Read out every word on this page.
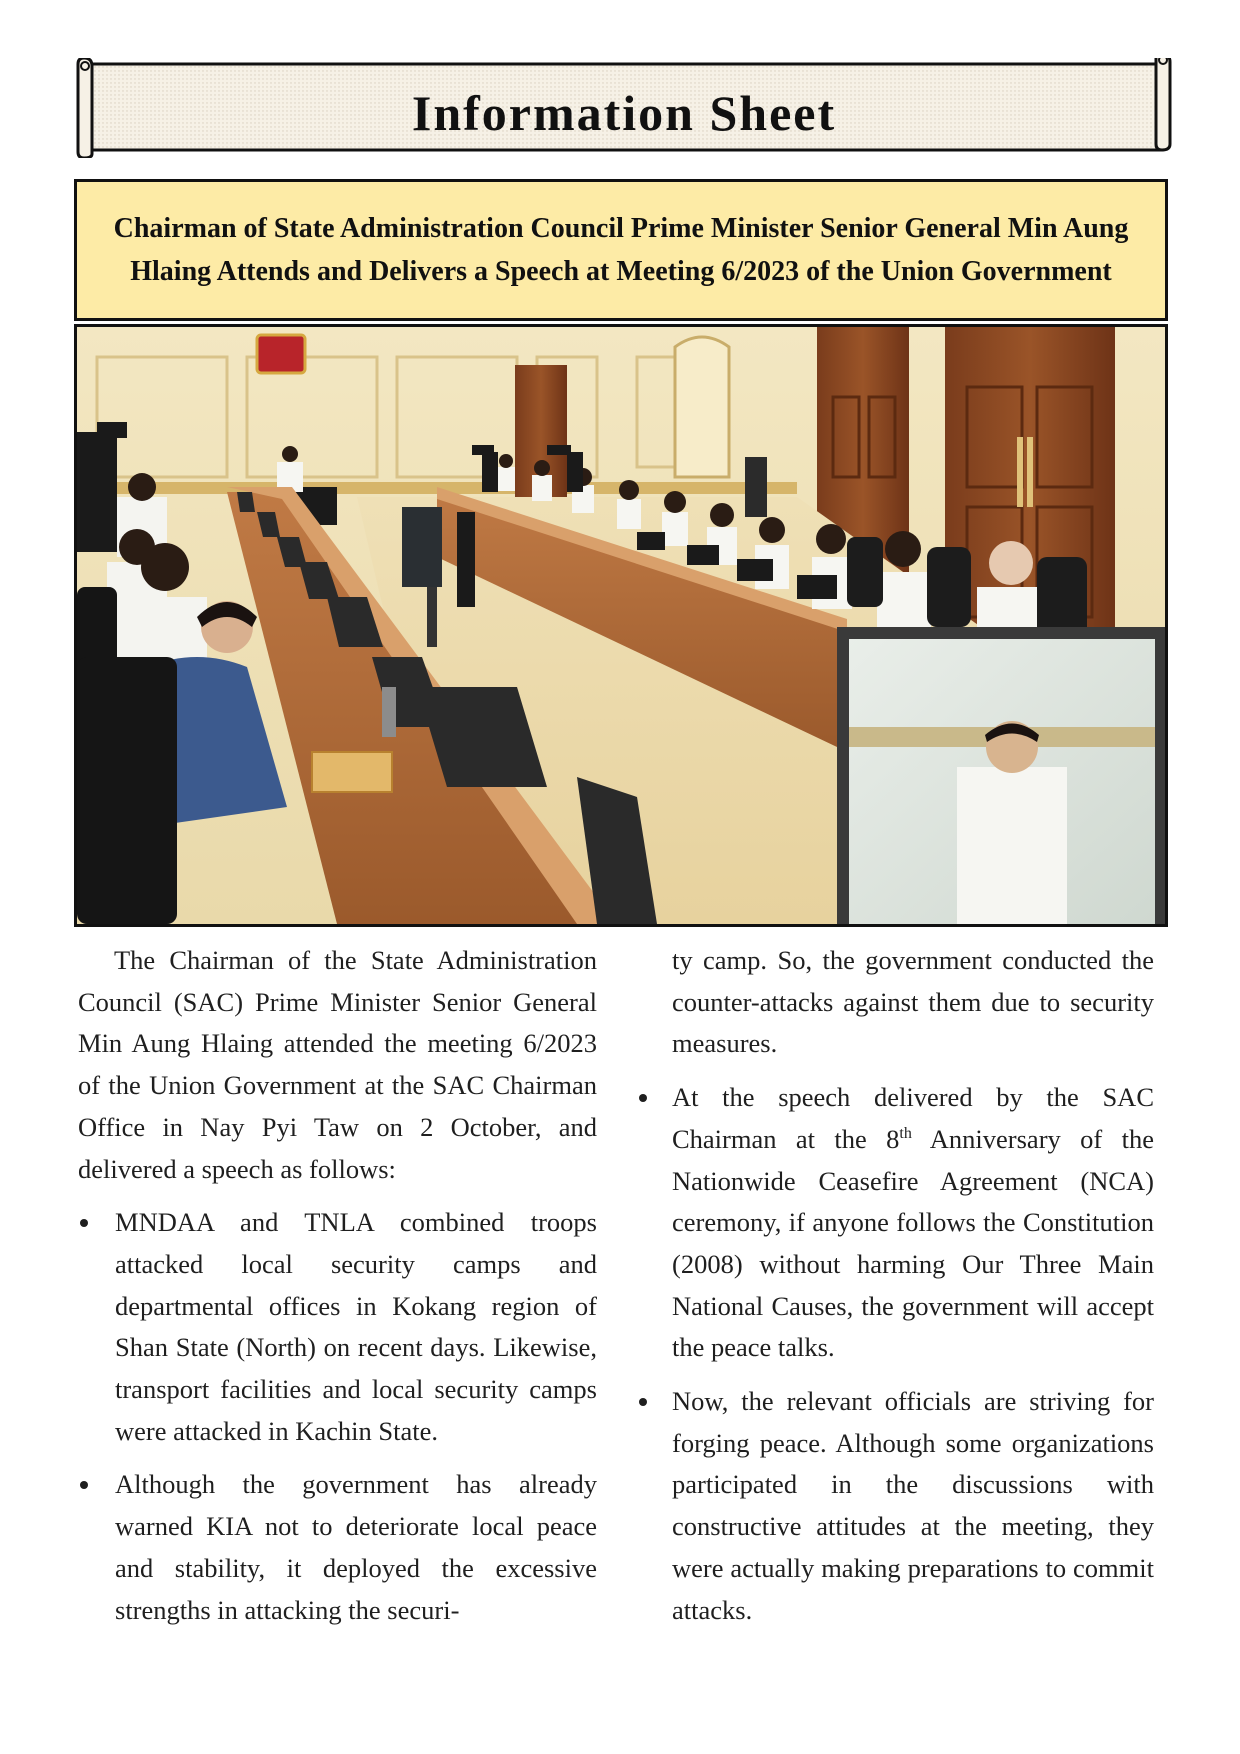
Information Sheet
Chairman of State Administration Council Prime Minister Senior General Min Aung Hlaing Attends and Delivers a Speech at Meeting 6/2023 of the Union Government

The Chairman of the State Administration Council (SAC) Prime Minister Senior General Min Aung Hlaing attended the meeting 6/2023 of the Union Government at the SAC Chairman Office in Nay Pyi Taw on 2 October, and delivered a speech as follows:

MNDAA and TNLA combined troops attacked local security camps and departmental offices in Kokang region of Shan State (North) on recent days. Likewise, transport facilities and local security camps were attacked in Kachin State.

Although the government has already warned KIA not to deteriorate local peace and stability, it deployed the excessive strengths in attacking the securi-

ty camp. So, the government conducted the counter-attacks against them due to security measures.

At the speech delivered by the SAC Chairman at the 8th Anniversary of the Nationwide Ceasefire Agreement (NCA) ceremony, if anyone follows the Constitution (2008) without harming Our Three Main National Causes, the government will accept the peace talks.

Now, the relevant officials are striving for forging peace. Although some organizations participated in the discussions with constructive attitudes at the meeting, they were actually making preparations to commit attacks.
